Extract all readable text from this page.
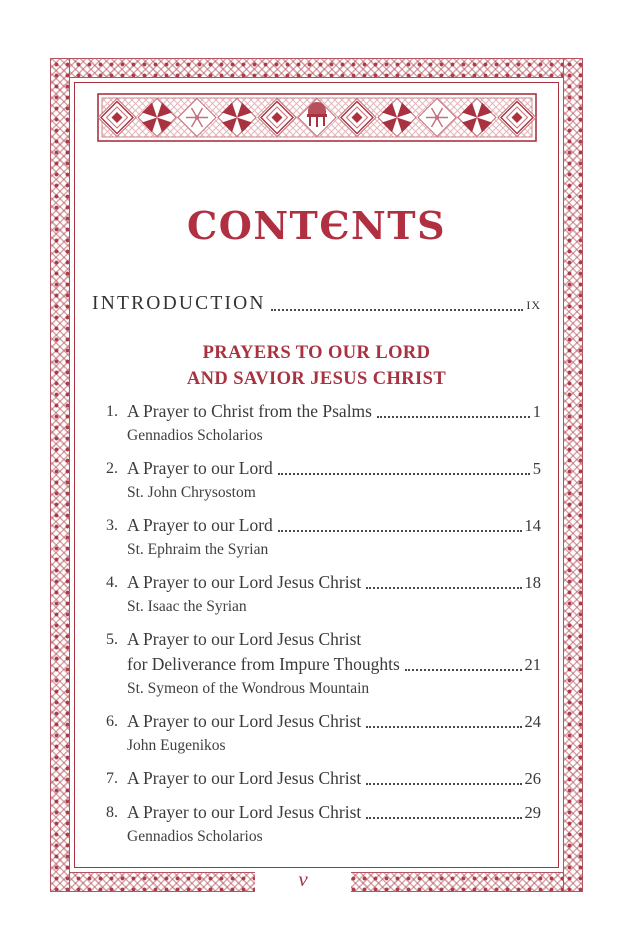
v
CONTЄNTS
INTRODUCTION	ix
PRAYERS TO OUR LORD
AND SAVIOR JESUS CHRIST
1. A Prayer to Christ from the Psalms	1
Gennadios Scholarios
2. A Prayer to our Lord	5
St. John Chrysostom
3. A Prayer to our Lord	14
St. Ephraim the Syrian
4. A Prayer to our Lord Jesus Christ	18
St. Isaac the Syrian
5. A Prayer to our Lord Jesus Christ
for Deliverance from Impure Thoughts	21
St. Symeon of the Wondrous Mountain
6. A Prayer to our Lord Jesus Christ	24
John Eugenikos
7. A Prayer to our Lord Jesus Christ	26
8. A Prayer to our Lord Jesus Christ	29
Gennadios Scholarios
